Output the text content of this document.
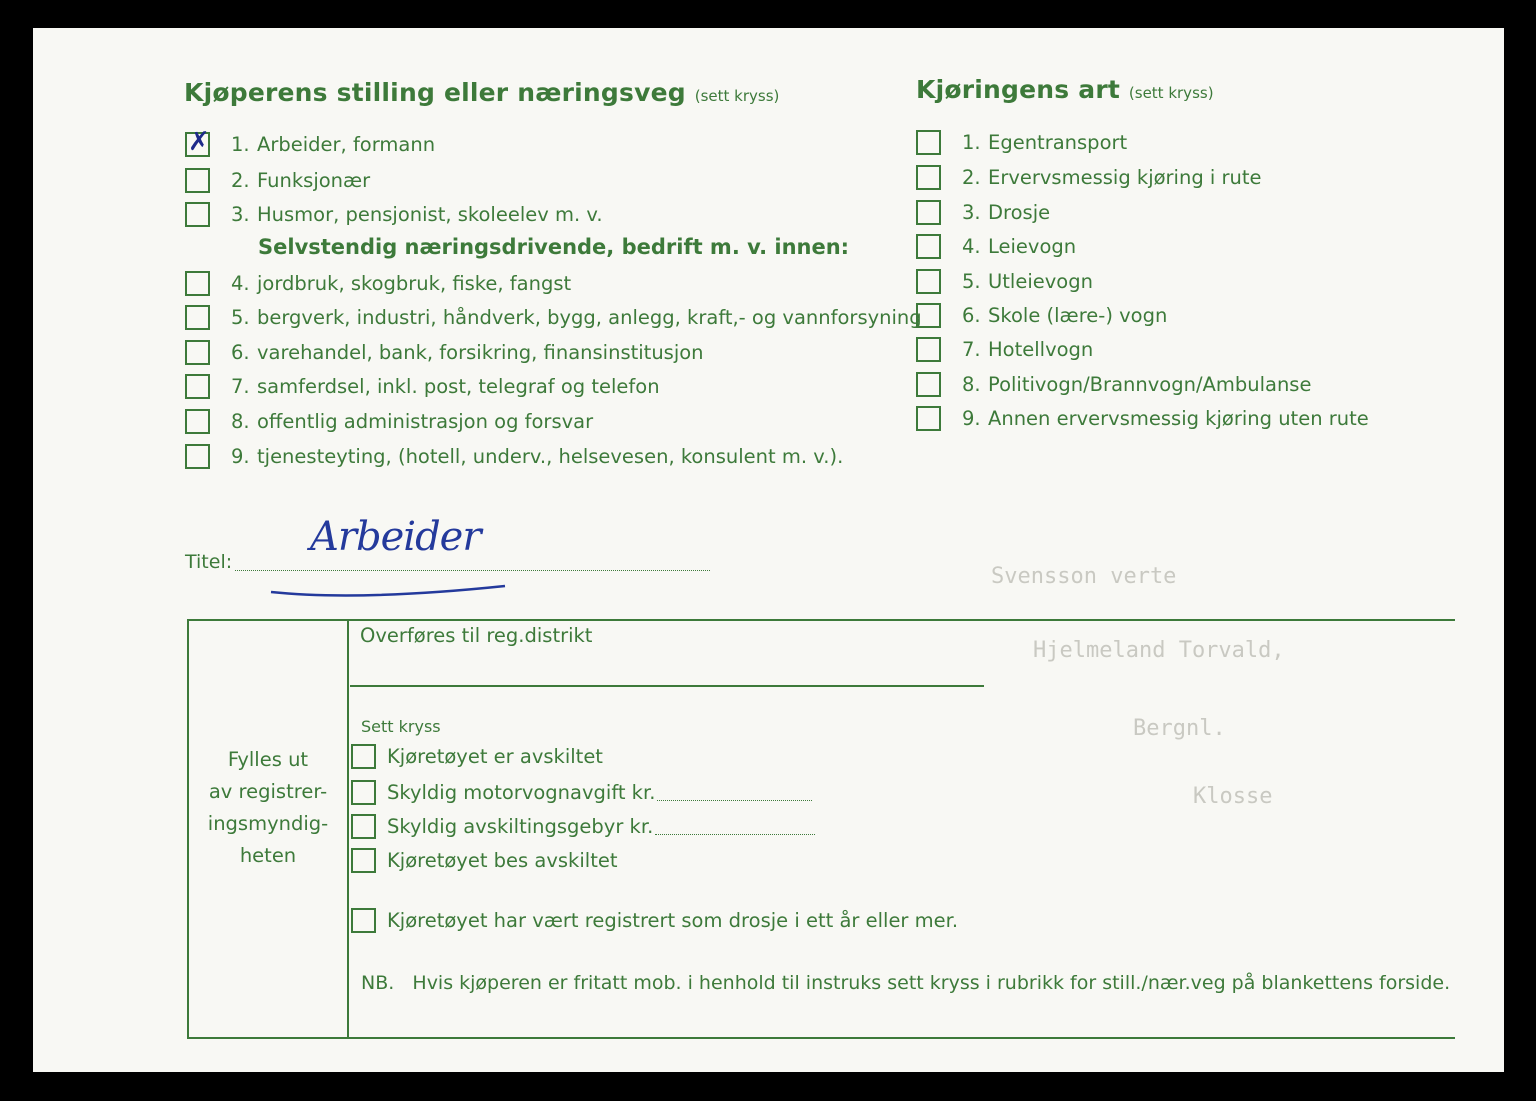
Svensson verte
Hjelmeland Torvald,
Bergnl.
Klosse
Kjøperens stilling eller næringsveg (sett kryss)
✗ 1. Arbeider, formann
2. Funksjonær
3. Husmor, pensjonist, skoleelev m. v.
4. jordbruk, skogbruk, fiske, fangst
5. bergverk, industri, håndverk, bygg, anlegg, kraft,- og vannforsyning
6. varehandel, bank, forsikring, finansinstitusjon
7. samferdsel, inkl. post, telegraf og telefon
8. offentlig administrasjon og forsvar
9. tjenesteyting, (hotell, underv., helsevesen, konsulent m. v.).
Selvstendig næringsdrivende, bedrift m. v. innen:
Kjøringens art (sett kryss)
1. Egentransport
2. Ervervsmessig kjøring i rute
3. Drosje
4. Leievogn
5. Utleievogn
6. Skole (lære-) vogn
7. Hotellvogn
8. Politivogn/Brannvogn/Ambulanse
9. Annen ervervsmessig kjøring uten rute
Titel:
Arbeider
Fylles ut
av registrer-
ingsmyndig-
heten
Overføres til reg.distrikt
Sett kryss
Kjøretøyet er avskiltet
Skyldig motorvognavgift kr.
Skyldig avskiltingsgebyr kr.
Kjøretøyet bes avskiltet
Kjøretøyet har vært registrert som drosje i ett år eller mer.
NB.   Hvis kjøperen er fritatt mob. i henhold til instruks sett kryss i rubrikk for still./nær.veg på blankettens forside.
